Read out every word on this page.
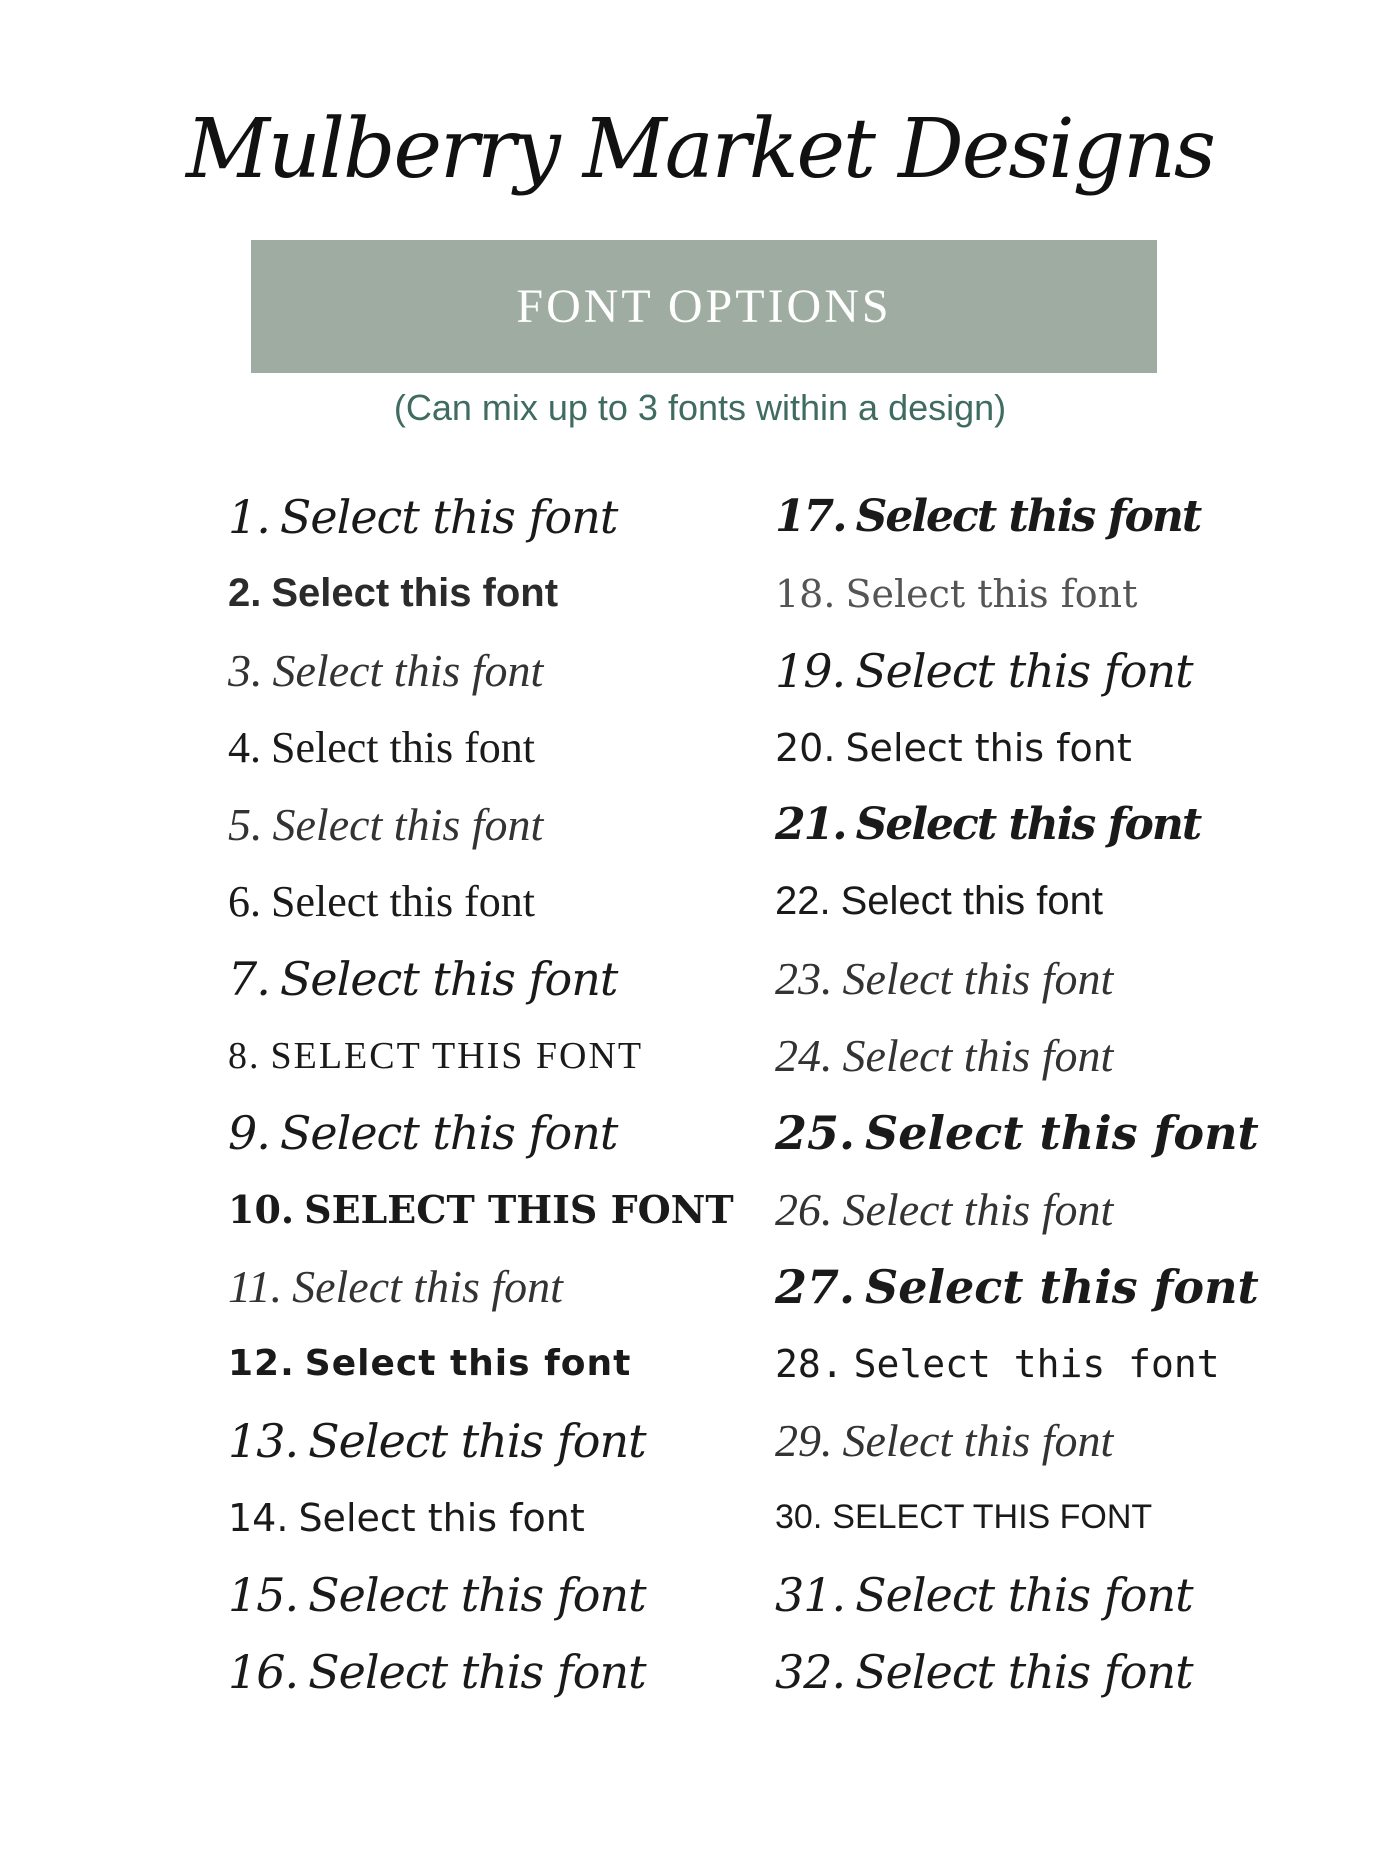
Mulberry Market Designs
FONT OPTIONS
(Can mix up to 3 fonts within a design)
1. Select this font
2. Select this font
3. Select this font
4. Select this font
5. Select this font
6. Select this font
7. Select this font
8. SELECT THIS FONT
9. Select this font
10. SELECT THIS FONT
11. Select this font
12. Select this font
13. Select this font
14. Select this font
15. Select this font
16. Select this font
17. Select this font
18. Select this font
19. Select this font
20. Select this font
21. Select this font
22. Select this font
23. Select this font
24. Select this font
25. Select this font
26. Select this font
27. Select this font
28. Select this font
29. Select this font
30. SELECT THIS FONT
31. Select this font
32. Select this font
